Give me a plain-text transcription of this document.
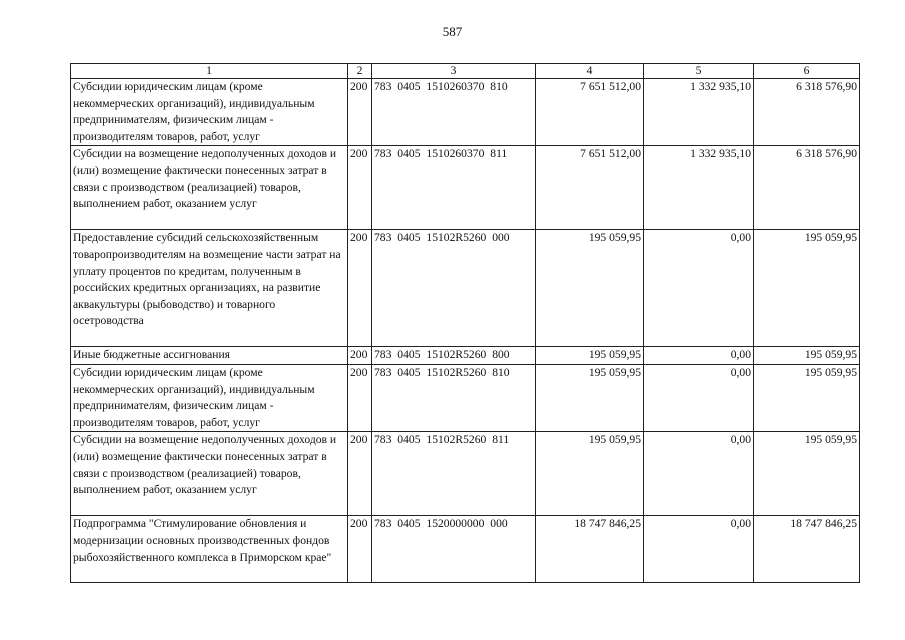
587
1	2	3	4	5	6
Субсидии юридическим лицам (кроме некоммерческих организаций), индивидуальным предпринимателям, физическим лицам - производителям товаров, работ, услуг	200	783 0405 1510260370 810	7 651 512,00	1 332 935,10	6 318 576,90
Субсидии на возмещение недополученных доходов и (или) возмещение фактически понесенных затрат в связи с производством (реализацией) товаров, выполнением работ, оказанием услуг	200	783 0405 1510260370 811	7 651 512,00	1 332 935,10	6 318 576,90
Предоставление субсидий сельскохозяйственным товаропроизводителям на возмещение части затрат на уплату процентов по кредитам, полученным в российских кредитных организациях, на развитие аквакультуры (рыбоводство) и товарного осетроводства	200	783 0405 15102R5260 000	195 059,95	0,00	195 059,95
Иные бюджетные ассигнования	200	783 0405 15102R5260 800	195 059,95	0,00	195 059,95
Субсидии юридическим лицам (кроме некоммерческих организаций), индивидуальным предпринимателям, физическим лицам - производителям товаров, работ, услуг	200	783 0405 15102R5260 810	195 059,95	0,00	195 059,95
Субсидии на возмещение недополученных доходов и (или) возмещение фактически понесенных затрат в связи с производством (реализацией) товаров, выполнением работ, оказанием услуг	200	783 0405 15102R5260 811	195 059,95	0,00	195 059,95
Подпрограмма "Стимулирование обновления и модернизации основных производственных фондов рыбохозяйственного комплекса в Приморском крае"	200	783 0405 1520000000 000	18 747 846,25	0,00	18 747 846,25
